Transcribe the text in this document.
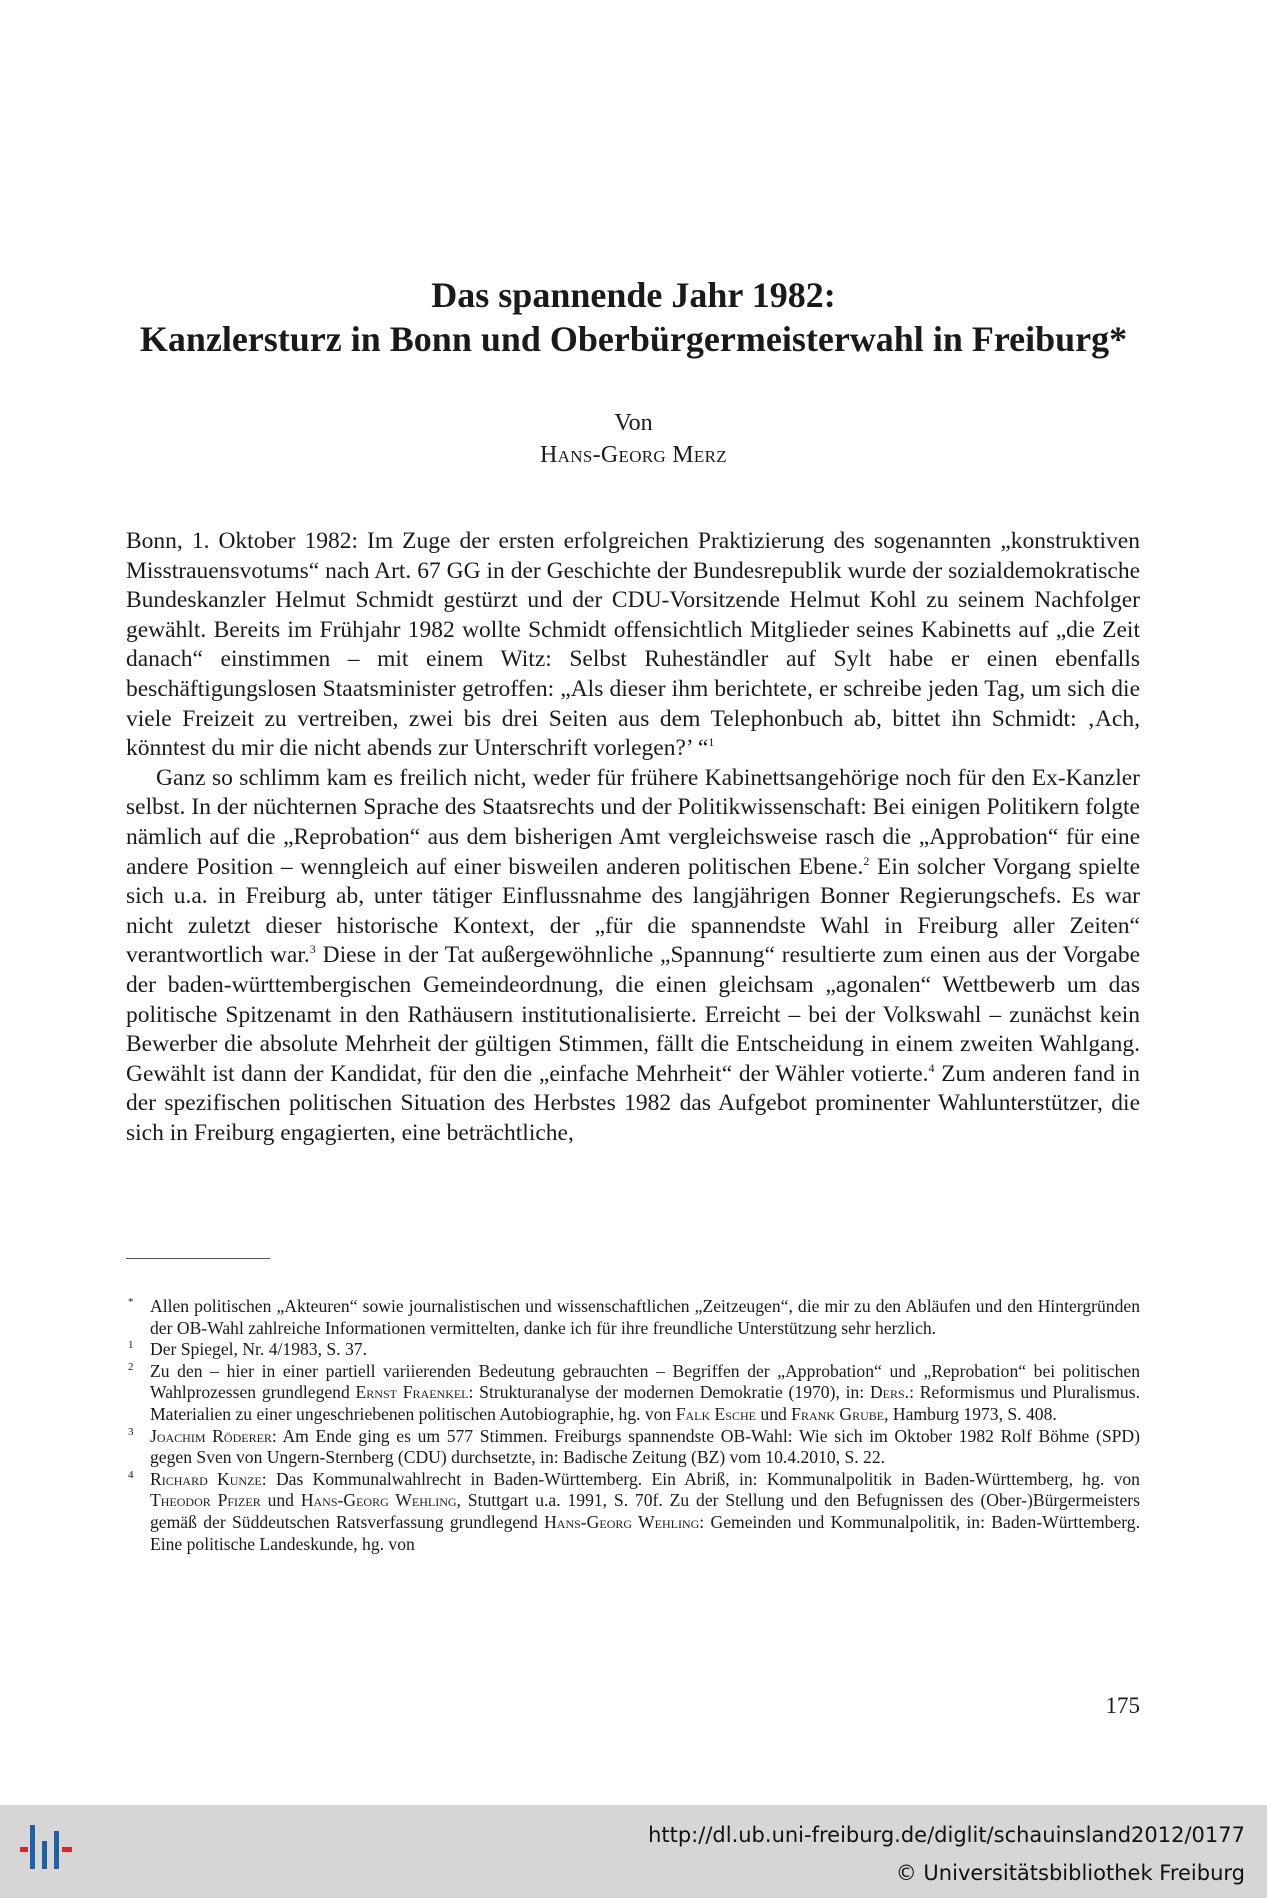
Das spannende Jahr 1982:
Kanzlersturz in Bonn und Oberbürgermeisterwahl in Freiburg*
Von
Hans-Georg Merz

Bonn, 1. Oktober 1982: Im Zuge der ersten erfolgreichen Praktizierung des sogenannten „konstruktiven Misstrauensvotums“ nach Art. 67 GG in der Geschichte der Bundesrepublik wurde der sozialdemokratische Bundeskanzler Helmut Schmidt gestürzt und der CDU-Vorsitzende Helmut Kohl zu seinem Nachfolger gewählt. Bereits im Frühjahr 1982 wollte Schmidt offensichtlich Mitglieder seines Kabinetts auf „die Zeit danach“ einstimmen – mit einem Witz: Selbst Ruheständler auf Sylt habe er einen ebenfalls beschäftigungslosen Staatsminister getroffen: „Als dieser ihm berichtete, er schreibe jeden Tag, um sich die viele Freizeit zu vertreiben, zwei bis drei Seiten aus dem Telephonbuch ab, bittet ihn Schmidt: ‚Ach, könntest du mir die nicht abends zur Unterschrift vorlegen?’ “$^1$

Ganz so schlimm kam es freilich nicht, weder für frühere Kabinettsangehörige noch für den Ex-Kanzler selbst. In der nüchternen Sprache des Staatsrechts und der Politikwissenschaft: Bei einigen Politikern folgte nämlich auf die „Reprobation“ aus dem bisherigen Amt vergleichsweise rasch die „Approbation“ für eine andere Position – wenngleich auf einer bisweilen anderen politischen Ebene.$^2$ Ein solcher Vorgang spielte sich u.a. in Freiburg ab, unter tätiger Einflussnahme des langjährigen Bonner Regierungschefs. Es war nicht zuletzt dieser historische Kontext, der „für die spannendste Wahl in Freiburg aller Zeiten“ verantwortlich war.$^3$ Diese in der Tat außergewöhnliche „Spannung“ resultierte zum einen aus der Vorgabe der baden-württembergischen Gemeindeordnung, die einen gleichsam „agonalen“ Wettbewerb um das politische Spitzenamt in den Rathäusern institutionalisierte. Erreicht – bei der Volkswahl – zunächst kein Bewerber die absolute Mehrheit der gültigen Stimmen, fällt die Entscheidung in einem zweiten Wahlgang. Gewählt ist dann der Kandidat, für den die „einfache Mehrheit“ der Wähler votierte.$^4$ Zum anderen fand in der spezifischen politischen Situation des Herbstes 1982 das Aufgebot prominenter Wahlunterstützer, die sich in Freiburg engagierten, eine beträchtliche,

* Allen politischen „Akteuren“ sowie journalistischen und wissenschaftlichen „Zeitzeugen“, die mir zu den Abläufen und den Hintergründen der OB-Wahl zahlreiche Informationen vermittelten, danke ich für ihre freundliche Unterstützung sehr herzlich.

1 Der Spiegel, Nr. 4/1983, S. 37.

2 Zu den – hier in einer partiell variierenden Bedeutung gebrauchten – Begriffen der „Approbation“ und „Reprobation“ bei politischen Wahlprozessen grundlegend Ernst Fraenkel: Strukturanalyse der modernen Demokratie (1970), in: Ders.: Reformismus und Pluralismus. Materialien zu einer ungeschriebenen politischen Autobiographie, hg. von Falk Esche und Frank Grube, Hamburg 1973, S. 408.

3 Joachim Röderer: Am Ende ging es um 577 Stimmen. Freiburgs spannendste OB-Wahl: Wie sich im Oktober 1982 Rolf Böhme (SPD) gegen Sven von Ungern-Sternberg (CDU) durchsetzte, in: Badische Zeitung (BZ) vom 10.4.2010, S. 22.

4 Richard Kunze: Das Kommunalwahlrecht in Baden-Württemberg. Ein Abriß, in: Kommunalpolitik in Baden-Württemberg, hg. von Theodor Pfizer und Hans-Georg Wehling, Stuttgart u.a. 1991, S. 70f. Zu der Stellung und den Befugnissen des (Ober-)Bürgermeisters gemäß der Süddeutschen Ratsverfassung grundlegend Hans-Georg Wehling: Gemeinden und Kommunalpolitik, in: Baden-Württemberg. Eine politische Landeskunde, hg. von

175
http://dl.ub.uni-freiburg.de/diglit/schauinsland2012/0177
© Universitätsbibliothek Freiburg
